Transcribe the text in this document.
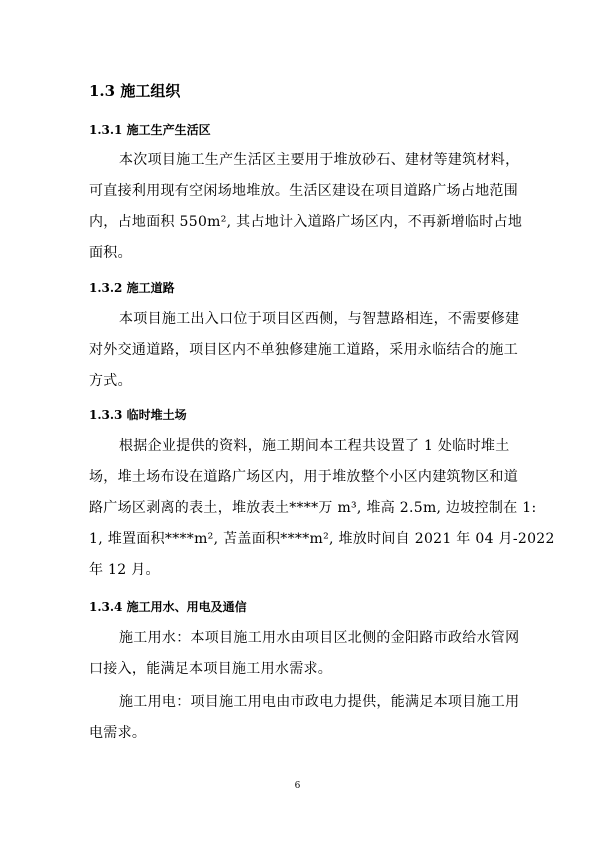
1.3 施工组织
1.3.1 施工生产生活区
本次项目施工生产生活区主要用于堆放砂石、建材等建筑材料，
可直接利用现有空闲场地堆放。生活区建设在项目道路广场占地范围
内，占地面积 550m², 其占地计入道路广场区内，不再新增临时占地
面积。
1.3.2 施工道路
本项目施工出入口位于项目区西侧，与智慧路相连，不需要修建
对外交通道路，项目区内不单独修建施工道路，采用永临结合的施工
方式。
1.3.3 临时堆土场
根据企业提供的资料，施工期间本工程共设置了 1 处临时堆土
场，堆土场布设在道路广场区内，用于堆放整个小区内建筑物区和道
路广场区剥离的表土，堆放表土****万 m³, 堆高 2.5m, 边坡控制在 1:
1, 堆置面积****m², 苫盖面积****m², 堆放时间自 2021 年 04 月-2022
年 12 月。
1.3.4 施工用水、用电及通信
施工用水：本项目施工用水由项目区北侧的金阳路市政给水管网
口接入，能满足本项目施工用水需求。
施工用电：项目施工用电由市政电力提供，能满足本项目施工用
电需求。
6
